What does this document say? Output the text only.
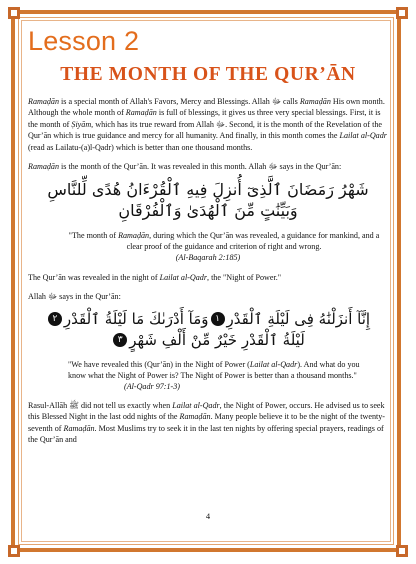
Lesson 2
THE MONTH OF THE QUR’ĀN

Ramaḍān is a special month of Allah's Favors, Mercy and Blessings. Allah ﷻ calls Ramaḍān His own month. Although the whole month of Ramaḍān is full of blessings, it gives us three very special blessings. First, it is the month of Ṣiyām, which has its true reward from Allah ﷻ. Second, it is the month of the Revelation of the Qur’ān which is true guidance and mercy for all humanity. And finally, in this month comes the Lailat al-Qadr (read as Lailatu-(a)l-Qadr) which is better than one thousand months.

Ramaḍān is the month of the Qur’ān. It was revealed in this month. Allah ﷻ says in the Qur’ān:

شَهْرُ رَمَضَانَ ٱلَّذِىٓ أُنزِلَ فِيهِ ٱلْقُرْءَانُ هُدًى لِّلنَّاسِ
وَبَيِّنَٰتٍ مِّنَ ٱلْهُدَىٰ وَٱلْفُرْقَانِ

"The month of Ramaḍān, during which the Qur’ān was revealed, a guidance for mankind, and a clear proof of the guidance and criterion of right and wrong.

(Al-Baqarah 2:185)

The Qur’ān was revealed in the night of Lailat al-Qadr, the "Night of Power."

Allah ﷻ says in the Qur’ān:

إِنَّآ أَنزَلْنَٰهُ فِى لَيْلَةِ ٱلْقَدْرِ١وَمَآ أَدْرَىٰكَ مَا لَيْلَةُ ٱلْقَدْرِ٢
لَيْلَةُ ٱلْقَدْرِ خَيْرٌ مِّنْ أَلْفِ شَهْرٍ٣

"We have revealed this (Qur’ān) in the Night of Power (Lailat al-Qadr). And what do you know what the Night of Power is? The Night of Power is better than a thousand months."

(Al-Qadr 97:1-3)

Rasul-Allāh ﷺ did not tell us exactly when Lailat al-Qadr, the Night of Power, occurs. He advised us to seek this Blessed Night in the last odd nights of the Ramaḍān. Many people believe it to be the night of the twenty-seventh of Ramaḍān. Most Muslims try to seek it in the last ten nights by offering special prayers, readings of the Qur’ān and

4
